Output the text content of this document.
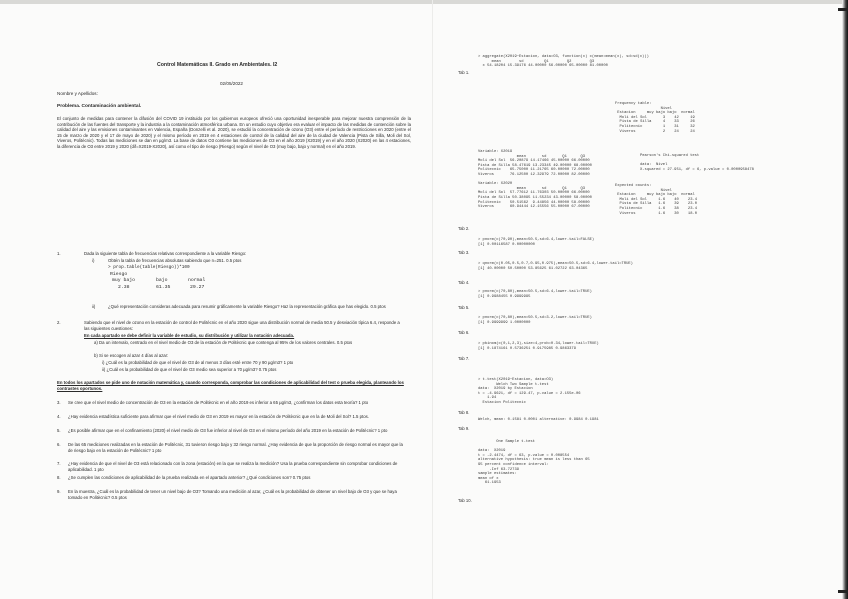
Control Matemáticas II. Grado en Ambientales. I2
02/05/2022
Nombre y Apellidos:
Problema. Contaminación ambiental.
El conjunto de medidas para contener la difusión del COVID 19 instituido por los gobiernos europeos ofreció una oportunidad inesperable para mejorar nuestra comprensión de la contribución de las fuentes del transporte y la industria a la contaminación atmosférica urbana. En un estudio cuyo objetivo era evaluar el impacto de las medidas de contención sobre la calidad del aire y las emisiones contaminantes en Valencia, España (Donzelli et al. 2020), se estudió la concentración de ozono (O3) entre el período de restricciones en 2020 (entre el 15 de marzo de 2020 y el 17 de mayo de 2020) y el mismo período en 2019 en 4 estaciones de control de la calidad del aire de la ciudad de Valencia (Pista de Silla, Moli del Sol, Viveros, Politècnic). Todas las mediciones se dan en µg/m3. La base de datos O3 contiene las mediciones de O3 en el año 2019 (X2019) y en el año 2020 (X2020) en las 4 estaciones, la diferencia de O3 entre 2019 y 2020 (dif=X2019-X2020), así como el tipo de riesgo (Riesgo) según el nivel de O3 (muy bajo, bajo y normal) en el año 2019.
1.	Dada la siguiente tabla de frecuencias relativas correspondiente a la variable Riesgo:
i)	Obtén la tabla de frecuencias absolutas sabiendo que n=251. 0.5 ptos
> prop.table(table(Riesgo))*100
Riesgo
muy bajo	bajo	normal
2.38	61.35	29.27
ii)	¿Qué representación consideras adecuada para resumir gráficamente la variable Riesgo? Haz la representación gráfica que has elegido. 0.5 ptos
2.	Sabiendo que el nivel de ozono en la estación de control de Politècnic en el año 2020 sigue una distribución normal de media 50.5 y desviación típica 6.4, responde a las siguientes cuestiones:
En cada apartado se debe definir la variable de estudio, su distribución y utilizar la notación adecuada.
a) Da un intervalo, centrado en el nivel medio de O3 de la estación de Politècnic que contenga al 95% de los valores centrales. 0.5 ptos
b) Si se escogen al azar 4 días al azar:
i) ¿Cuál es la probabilidad de que el nivel de O3 de al menos 3 días esté entre 70 y 90 µg/m3? 1 pto
ii) ¿Cuál es la probabilidad de que el nivel de O3 medio sea superior a 70 µg/m3? 0.75 ptos
En todos los apartados se pide uno de notación matemática y, cuando corresponda, comprobar las condiciones de aplicabilidad del test o prueba elegida, planteando los contrastes oportunos.
3. Se cree que el nivel medio de concentración de O3 en la estación de Politècnic en el año 2019 es inferior a 65 µg/m3, ¿confirman los datos esta teoría? 1 pto
4. ¿Hay evidencia estadística suficiente para afirmar que el nivel medio de O3 en 2019 es mayor en la estación de Politècnic que en la de Moli del Sol? 1.5 ptos.
5. ¿Es posible afirmar que en el confinamiento (2020) el nivel medio de O3 fue inferior al nivel de O3 en el mismo período del año 2019 en la estación de Politècnic? 1 pto
6. De las 65 mediciones realizadas en la estación de Politècnic, 31 tuvieron riesgo bajo y 32 riesgo normal. ¿Hay evidencia de que la proporción de riesgo normal es mayor que la de riesgo bajo en la estación de Politècnic? 1 pto
7. ¿Hay evidencia de que el nivel de O3 está relacionado con la zona (estación) en la que se realiza la medición? Usa la prueba correspondiente sin comprobar condiciones de aplicabilidad. 1 pto
8. ¿Se cumplen las condiciones de aplicabilidad de la prueba realizada en el apartado anterior? ¿Qué condiciones son? 0.75 ptos
9. En la muestra, ¿Cuál es la probabilidad de tener un nivel bajo de O3? Tomando una medición al azar, ¿Cuál es la probabilidad de obtener un nivel bajo de O3 y que se haya tomado en Politècnic? 0.5 ptos
Tab 1.
> aggregate(X2019~Estacion, data=O3, function(x) c(mean=mean(x), sd=sd(x)))
mean        sd         Q1        Q2        Q3
x 54.18204 15.39176 44.00000 56.00000 65.00000 81.00000
Frequency table:
Nivel
Estacion     muy bajo bajo  normal
Moli del Sol       3    42     19
Pista de Silla     4    33     26
Politecnic         1    31     32
Viveros            2    24     24
Pearson's Chi-squared test

data:  Nivel
X-squared = 27.951, df = 6, p-value = 0.0000958478
Expected counts:
Nivel
Estacion     muy bajo bajo  normal
Moli del Sol     1.6    40    23.4
Pista de Silla   1.6    39    23.0
Politecnic       1.6    38    23.4
Viveros          1.6    30    18.0
Variable: X2019
mean       sd       Q1      Q3
Moli del Sol  56.20879 14.17466 45.00000 66.00000
Pista de Silla 58.47619 13.23345 49.00000 68.00000
Politecnic    65.75000 11.21765 60.00000 72.00000
Viveros       76.12500 12.32979 72.00000 82.00000

Variable: X2020
mean       sd       Q1      Q3
Moli del Sol  57.77612 11.76303 50.00000 66.00000
Pista de Silla 50.38095 11.55234 43.00000 58.00000
Politecnic    50.51562  9.44856 44.00000 58.00000
Viveros       60.94444 12.15556 55.00000 67.00000
Tab 2.
> pnorm(c(70,90),mean=50.5,sd=6.4,lower.tail=FALSE)
[1] 0.00116587 0.00000000
Tab 3.
> qnorm(c(0.05,0.5,0.7,0.95,0.975),mean=50.5,sd=6.4,lower.tail=TRUE)
[1] 40.00000 50.50000 53.85625 61.02722 63.04365
Tab 4.
> pnorm(c(70,80),mean=50.5,sd=6.4,lower.tail=TRUE)
[1] 0.9988455 0.9999995
Tab 5.
> pnorm(c(70,80),mean=50.5,sd=3.2,lower.tail=TRUE)
[1] 0.9999999 1.0000000
Tab 6.
> pbinom(c(0,1,2,3),size=4,prob=0.34,lower.tail=TRUE)
[1] 0.1874161 0.5736251 0.9175985 0.9863379
Tab 7.
> t.test(X2019~Estacion, data=O3)
Welch Two Sample t-test
data:  X2019 by Estacion
t = -4.9621, df = 129.47, p-value = 2.155e-06
1.94
Estacion Politecnic
Tab 8.
Welch, mean: 0.1581 0.0001 alternative: 0.9984 0.1981
Tab 9.
One Sample t-test

data:  X2019
t = -2.4474, df = 63, p-value = 0.008554
alternative hypothesis: true mean is less than 65
95 percent confidence interval:
-Inf 63.72739
sample estimates:
mean of x
61.1953
Tab 10.
